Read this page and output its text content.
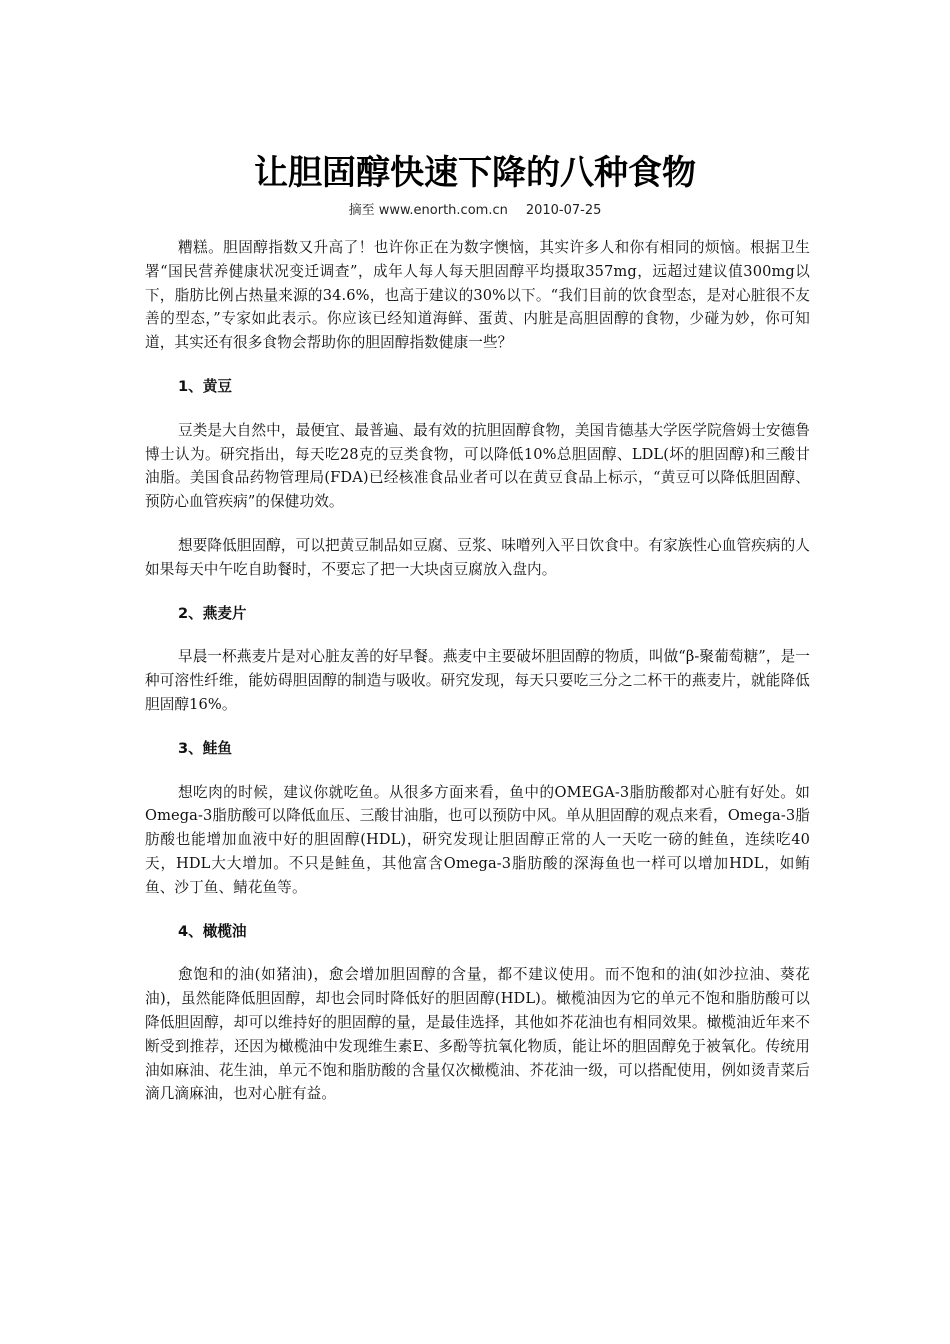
让胆固醇快速下降的八种食物
摘至 www.enorth.com.cn 2010-07-25

糟糕。胆固醇指数又升高了！也许你正在为数字懊恼，其实许多人和你有相同的烦恼。根据卫生署“国民营养健康状况变迁调查”，成年人每人每天胆固醇平均摄取357mg，远超过建议值300mg以下，脂肪比例占热量来源的34.6%，也高于建议的30%以下。“我们目前的饮食型态，是对心脏很不友善的型态，”专家如此表示。你应该已经知道海鲜、蛋黄、内脏是高胆固醇的食物，少碰为妙，你可知道，其实还有很多食物会帮助你的胆固醇指数健康一些？

1、黄豆

豆类是大自然中，最便宜、最普遍、最有效的抗胆固醇食物，美国肯德基大学医学院詹姆士安德鲁博士认为。研究指出，每天吃28克的豆类食物，可以降低10%总胆固醇、LDL(坏的胆固醇)和三酸甘油脂。美国食品药物管理局(FDA)已经核准食品业者可以在黄豆食品上标示，“黄豆可以降低胆固醇、预防心血管疾病”的保健功效。

想要降低胆固醇，可以把黄豆制品如豆腐、豆浆、味噌列入平日饮食中。有家族性心血管疾病的人如果每天中午吃自助餐时，不要忘了把一大块卤豆腐放入盘内。

2、燕麦片

早晨一杯燕麦片是对心脏友善的好早餐。燕麦中主要破坏胆固醇的物质，叫做“β-聚葡萄糖”，是一种可溶性纤维，能妨碍胆固醇的制造与吸收。研究发现，每天只要吃三分之二杯干的燕麦片，就能降低胆固醇16%。

3、鲑鱼

想吃肉的时候，建议你就吃鱼。从很多方面来看，鱼中的OMEGA-3脂肪酸都对心脏有好处。如Omega-3脂肪酸可以降低血压、三酸甘油脂，也可以预防中风。单从胆固醇的观点来看，Omega-3脂肪酸也能增加血液中好的胆固醇(HDL)，研究发现让胆固醇正常的人一天吃一磅的鲑鱼，连续吃40天，HDL大大增加。不只是鲑鱼，其他富含Omega-3脂肪酸的深海鱼也一样可以增加HDL，如鲔鱼、沙丁鱼、鲭花鱼等。

4、橄榄油

愈饱和的油(如猪油)，愈会增加胆固醇的含量，都不建议使用。而不饱和的油(如沙拉油、葵花油)，虽然能降低胆固醇，却也会同时降低好的胆固醇(HDL)。橄榄油因为它的单元不饱和脂肪酸可以降低胆固醇，却可以维持好的胆固醇的量，是最佳选择，其他如芥花油也有相同效果。橄榄油近年来不断受到推荐，还因为橄榄油中发现维生素E、多酚等抗氧化物质，能让坏的胆固醇免于被氧化。传统用油如麻油、花生油，单元不饱和脂肪酸的含量仅次橄榄油、芥花油一级，可以搭配使用，例如烫青菜后滴几滴麻油，也对心脏有益。
